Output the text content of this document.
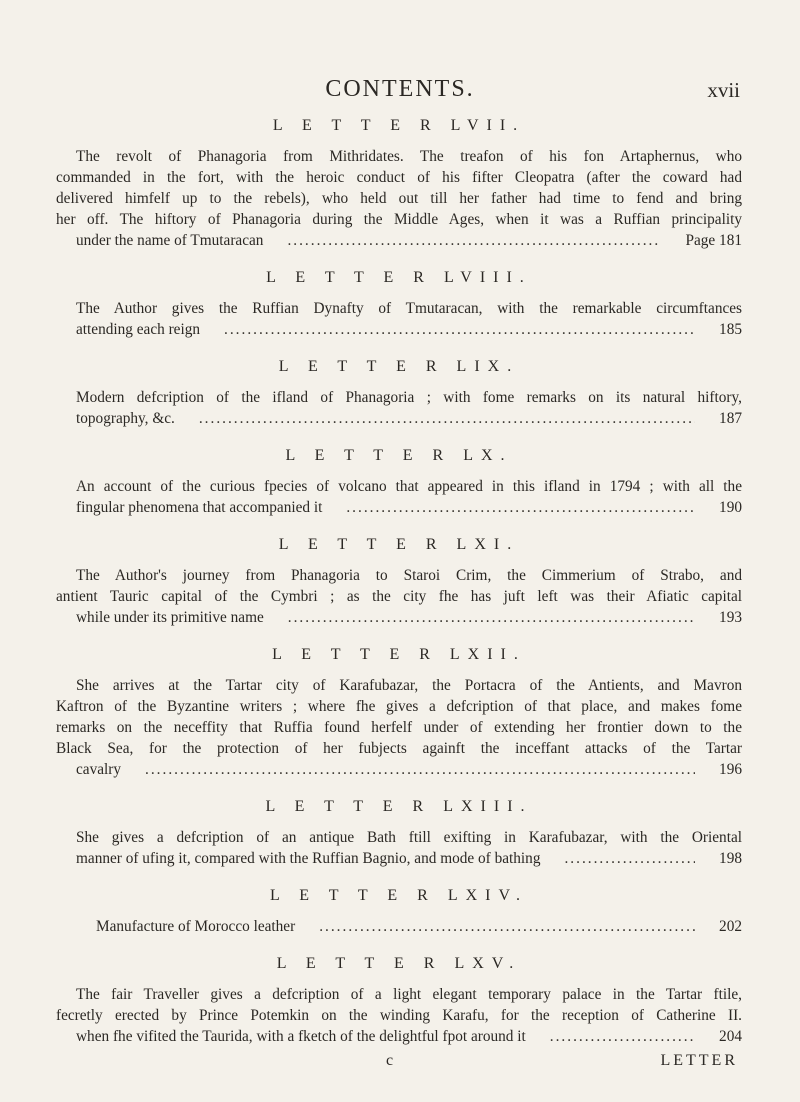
CONTENTS.	xvii
L E T T E R LVII.
The revolt of Phanagoria from Mithridates. The treafon of his fon Artaphernus, who
commanded in the fort, with the heroic conduct of his fifter Cleopatra (after the coward had
delivered himfelf up to the rebels), who held out till her father had time to fend and bring
her off. The hiftory of Phanagoria during the Middle Ages, when it was a Ruffian principality
under the name of Tmutaracan .....	Page 181
L E T T E R LVIII.
The Author gives the Ruffian Dynafty of Tmutaracan, with the remarkable circumftances
attending each reign .....	185
L E T T E R LIX.
Modern defcription of the ifland of Phanagoria ; with fome remarks on its natural hiftory,
topography, &c. .....	187
L E T T E R LX.
An account of the curious fpecies of volcano that appeared in this ifland in 1794 ; with all the
fingular phenomena that accompanied it .....	190
L E T T E R LXI.
The Author's journey from Phanagoria to Staroi Crim, the Cimmerium of Strabo, and
antient Tauric capital of the Cymbri ; as the city fhe has juft left was their Afiatic capital
while under its primitive name .....	193
L E T T E R LXII.
She arrives at the Tartar city of Karafubazar, the Portacra of the Antients, and Mavron
Kaftron of the Byzantine writers ; where fhe gives a defcription of that place, and makes fome
remarks on the neceffity that Ruffia found herfelf under of extending her frontier down to the
Black Sea, for the protection of her fubjects againft the inceffant attacks of the Tartar
cavalry .....	196
L E T T E R LXIII.
She gives a defcription of an antique Bath ftill exifting in Karafubazar, with the Oriental
manner of ufing it, compared with the Ruffian Bagnio, and mode of bathing .....	198
L E T T E R LXIV.
Manufacture of Morocco leather .....	202
L E T T E R LXV.
The fair Traveller gives a defcription of a light elegant temporary palace in the Tartar ftile,
fecretly erected by Prince Potemkin on the winding Karafu, for the reception of Catherine II.
when fhe vifited the Taurida, with a fketch of the delightful fpot around it .....	204
c	LETTER
